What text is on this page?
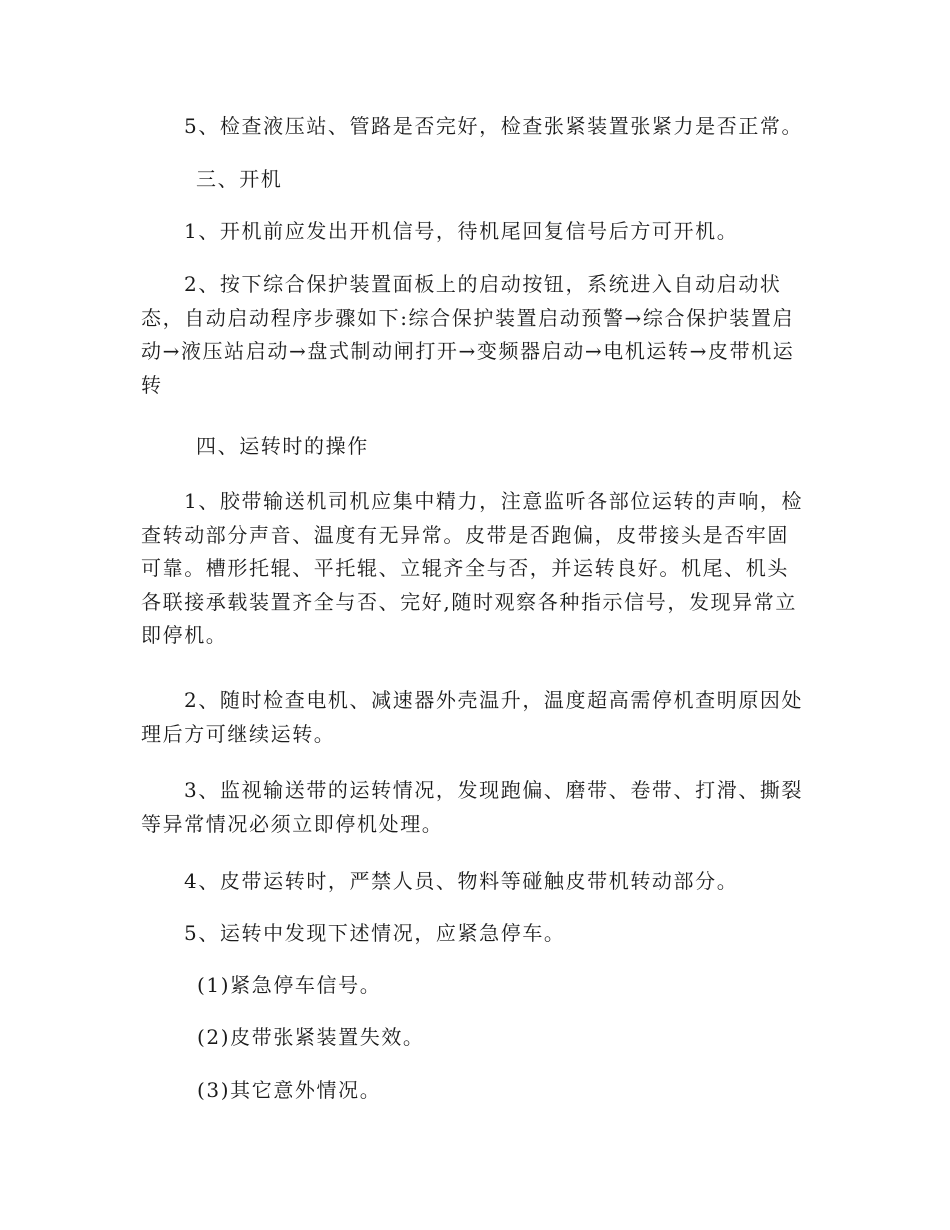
5、检查液压站、管路是否完好，检查张紧装置张紧力是否正常。

三、开机

1、开机前应发出开机信号，待机尾回复信号后方可开机。

2、按下综合保护装置面板上的启动按钮，系统进入自动启动状态，自动启动程序步骤如下:综合保护装置启动预警→综合保护装置启动→液压站启动→盘式制动闸打开→变频器启动→电机运转→皮带机运转

四、运转时的操作

1、胶带输送机司机应集中精力，注意监听各部位运转的声响，检查转动部分声音、温度有无异常。皮带是否跑偏，皮带接头是否牢固可靠。槽形托辊、平托辊、立辊齐全与否，并运转良好。机尾、机头各联接承载装置齐全与否、完好,随时观察各种指示信号，发现异常立即停机。

2、随时检查电机、减速器外壳温升，温度超高需停机查明原因处理后方可继续运转。

3、监视输送带的运转情况，发现跑偏、磨带、卷带、打滑、撕裂等异常情况必须立即停机处理。

4、皮带运转时，严禁人员、物料等碰触皮带机转动部分。

5、运转中发现下述情况，应紧急停车。

(1)紧急停车信号。

(2)皮带张紧装置失效。

(3)其它意外情况。
